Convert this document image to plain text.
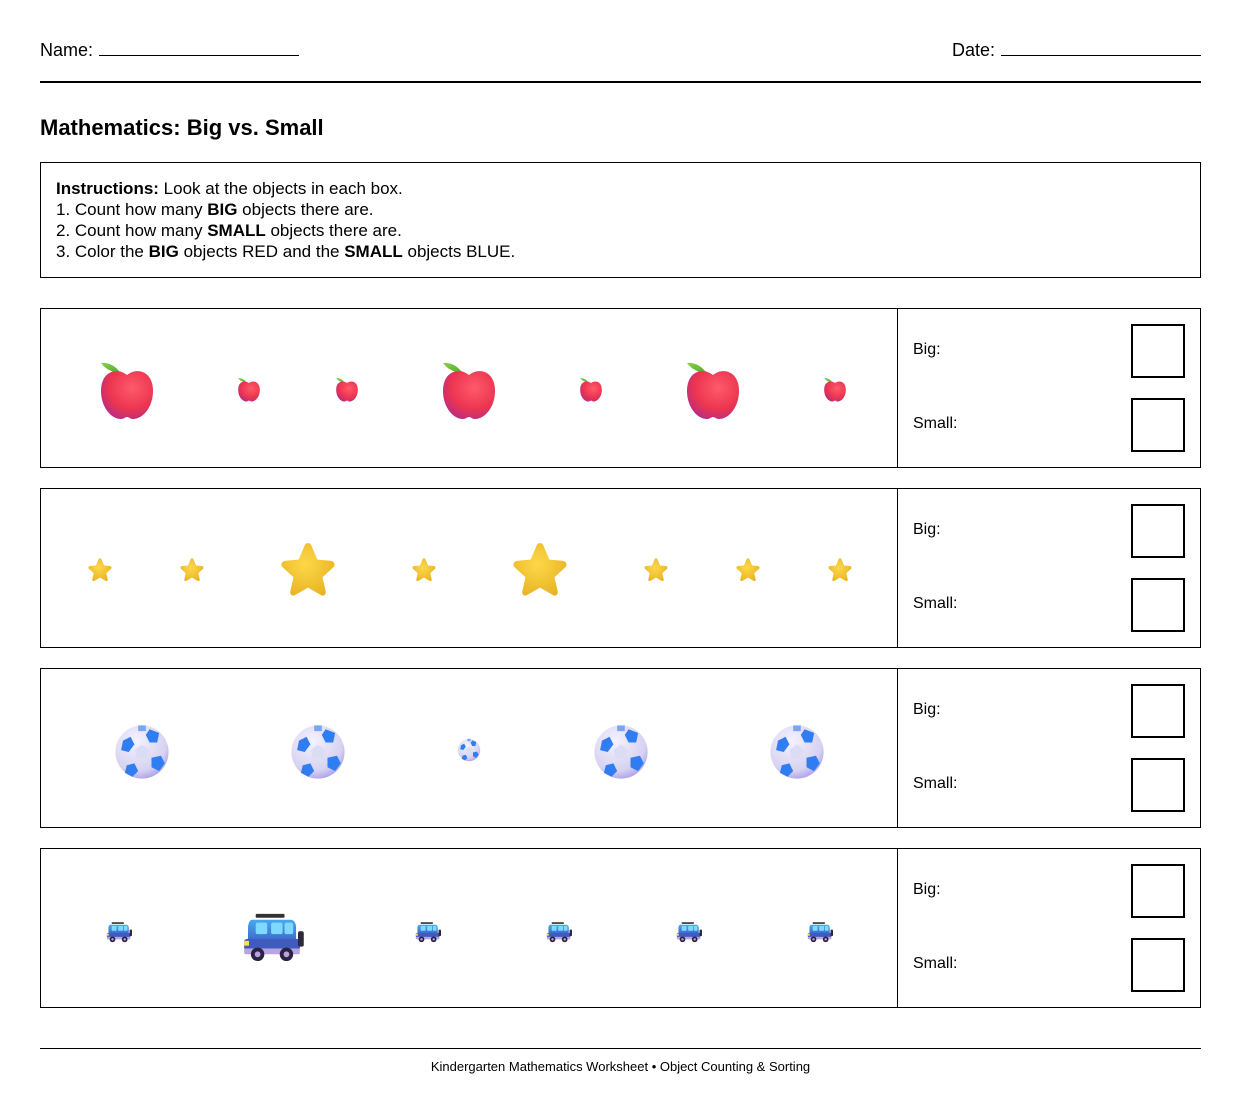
Name:	Date:
Mathematics: Big vs. Small
Instructions: Look at the objects in each box.
1. Count how many BIG objects there are.
2. Count how many SMALL objects there are.
3. Color the BIG objects RED and the SMALL objects BLUE.
Big:
Small:
Big:
Small:
Big:
Small:
Big:
Small:
Kindergarten Mathematics Worksheet • Object Counting & Sorting
